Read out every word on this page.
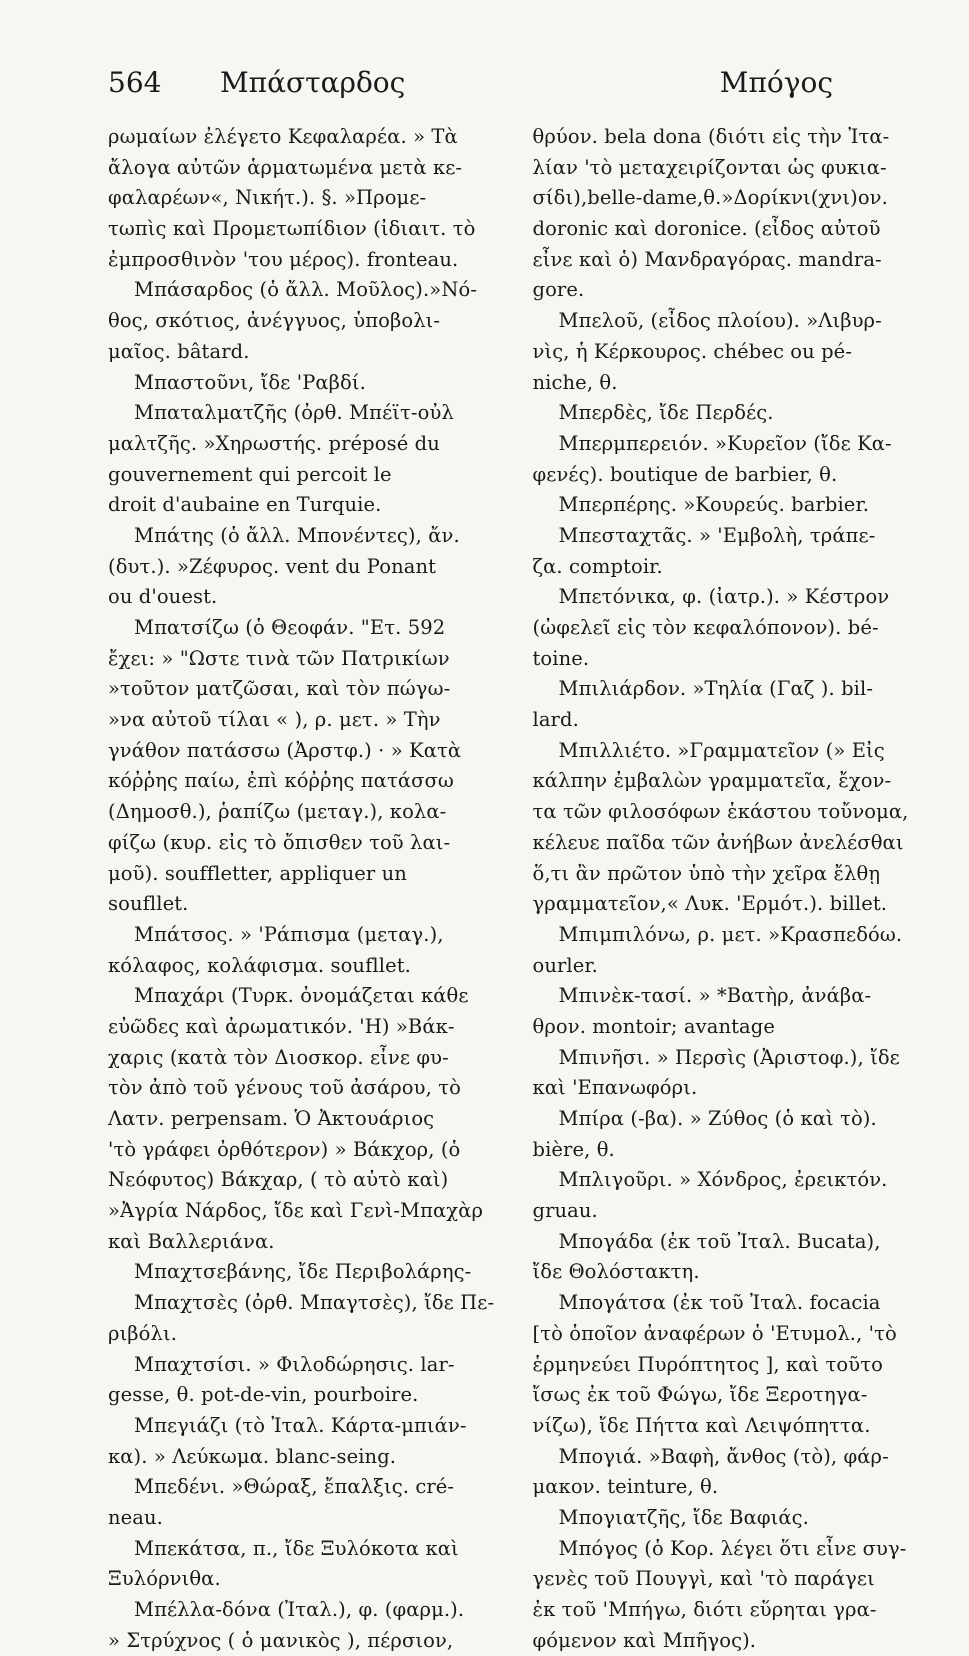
564 Μπάσταρδος	Μπόγος
ρωμαίων ἐλέγετο Κεφαλαρέα. » Τὰ
ἄλογα αὐτῶν ἁρματωμένα μετὰ κε-
φαλαρέων«, Νικήτ.). §. »Προμε-
τωπὶς καὶ Προμετωπίδιον (ἰδιαιτ. τὸ
ἐμπροσθινὸν 'του μέρος). fronteau.
Μπάσαρδος (ὁ ἄλλ. Μοῦλος).»Νό-
θος, σκότιος, ἀνέγγυος, ὑποβολι-
μαῖος. bâtard.
Μπαστοῦνι, ἴδε 'Ραβδί.
Μπαταλματζῆς (ὀρθ. Μπέϊτ-οὐλ
μαλτζῆς. »Χηρωστής. préposé du
gouvernement qui percoit le
droit d'aubaine en Turquie.
Μπάτης (ὁ ἄλλ. Μπονέντες), ἄν.
(δυτ.). »Ζέφυρος. vent du Ponant
ou d'ouest.
Μπατσίζω (ὁ Θεοφάν. "Ετ. 592
ἔχει: » "Ωστε τινὰ τῶν Πατρικίων
»τοῦτον ματζῶσαι, καὶ τὸν πώγω-
»να αὐτοῦ τίλαι « ), ρ. μετ. » Τὴν
γνάθον πατάσσω (Ἀρστφ.) · » Κατὰ
κόῤῥης παίω, ἐπὶ κόῤῥης πατάσσω
(Δημοσθ.), ῥαπίζω (μεταγ.), κολα-
φίζω (κυρ. εἰς τὸ ὄπισθεν τοῦ λαι-
μοῦ). souffletter, appliquer un
soufllet.
Μπάτσος. » 'Ράπισμα (μεταγ.),
κόλαφος, κολάφισμα. soufllet.
Μπαχάρι (Τυρκ. ὀνομάζεται κάθε
εὐῶδες καὶ ἀρωματικόν. 'Η) »Βάκ-
χαρις (κατὰ τὸν Διοσκορ. εἶνε φυ-
τὸν ἀπὸ τοῦ γένους τοῦ ἀσάρου, τὸ
Λατν. perpensam. Ὁ Ἀκτουάριος
'τὸ γράφει ὀρθότερον) » Βάκχορ, (ὁ
Νεόφυτος) Βάκχαρ, ( τὸ αὐτὸ καὶ)
»Ἀγρία Νάρδος, ἴδε καὶ Γενὶ-Μπαχὰρ
καὶ Βαλλεριάνα.
Μπαχτσεβάνης, ἴδε Περιβολάρης-
Μπαχτσὲς (ὀρθ. Μπαγτσὲς), ἴδε Πε-
ριβόλι.
Μπαχτσίσι. » Φιλοδώρησις. lar-
gesse, θ. pot-de-vin, pourboire.
Μπεγιάζι (τὸ Ἰταλ. Κάρτα-μπιάν-
κα). » Λεύκωμα. blanc-seing.
Μπεδένι. »Θώραξ, ἔπαλξις. cré-
neau.
Μπεκάτσα, π., ἴδε Ξυλόκοτα καὶ
Ξυλόρνιθα.
Μπέλλα-δόνα (Ἰταλ.), φ. (φαρμ.).
» Στρύχνος ( ὁ μανικὸς ), πέρσιον,
θρύον. bela dona (διότι εἰς τὴν Ἰτα-
λίαν 'τὸ μεταχειρίζονται ὡς φυκια-
σίδι),belle-dame,θ.»Δορίκνι(χνι)ον.
doronic καὶ doronice. (εἶδος αὐτοῦ
εἶνε καὶ ὁ) Μανδραγόρας. mandra-
gore.
Μπελοῦ, (εἶδος πλοίου). »Λιβυρ-
νὶς, ἡ Κέρκουρος. chébec ou pé-
niche, θ.
Μπερδὲς, ἴδε Περδές.
Μπερμπερειόν. »Κυρεῖον (ἴδε Κα-
φενές). boutique de barbier, θ.
Μπερπέρης. »Κουρεύς. barbier.
Μπεσταχτᾶς. » 'Εμβολὴ, τράπε-
ζα. comptoir.
Μπετόνικα, φ. (ἰατρ.). » Κέστρον
(ὠφελεῖ εἰς τὸν κεφαλόπονον). bé-
toine.
Μπιλιάρδον. »Τηλία (Γαζ ). bil-
lard.
Μπιλλιέτο. »Γραμματεῖον (» Εἰς
κάλπην ἐμβαλὼν γραμματεῖα, ἔχον-
τα τῶν φιλοσόφων ἑκάστου τοὔνομα,
κέλευε παῖδα τῶν ἀνήβων ἀνελέσθαι
ὅ,τι ἂν πρῶτον ὑπὸ τὴν χεῖρα ἔλθῃ
γραμματεῖον,« Λυκ. 'Ερμότ.). billet.
Μπιμπιλόνω, ρ. μετ. »Κρασπεδόω.
ourler.
Μπινὲκ-τασί. » *Βατὴρ, ἀνάβα-
θρον. montoir; avantage
Μπινῆσι. » Περσὶς (Ἀριστοφ.), ἴδε
καὶ 'Επανωφόρι.
Μπίρα (-βα). » Ζύθος (ὁ καὶ τὸ).
bière, θ.
Μπλιγοῦρι. » Χόνδρος, ἐρεικτόν.
gruau.
Μπογάδα (ἐκ τοῦ Ἰταλ. Bucata),
ἴδε Θολόστακτη.
Μπογάτσα (ἐκ τοῦ Ἰταλ. focacia
[τὸ ὁποῖον ἀναφέρων ὁ 'Ετυμολ., 'τὸ
ἑρμηνεύει Πυρόπτητος ], καὶ τοῦτο
ἴσως ἐκ τοῦ Φώγω, ἴδε Ξεροτηγα-
νίζω), ἴδε Πήττα καὶ Λειψόπηττα.
Μπογιά. »Βαφὴ, ἄνθος (τὸ), φάρ-
μακον. teinture, θ.
Μπογιατζῆς, ἴδε Βαφιάς.
Μπόγος (ὁ Κορ. λέγει ὅτι εἶνε συγ-
γενὲς τοῦ Πουγγὶ, καὶ 'τὸ παράγει
ἐκ τοῦ 'Μπήγω, διότι εὕρηται γρα-
φόμενον καὶ Μπῆγος).
